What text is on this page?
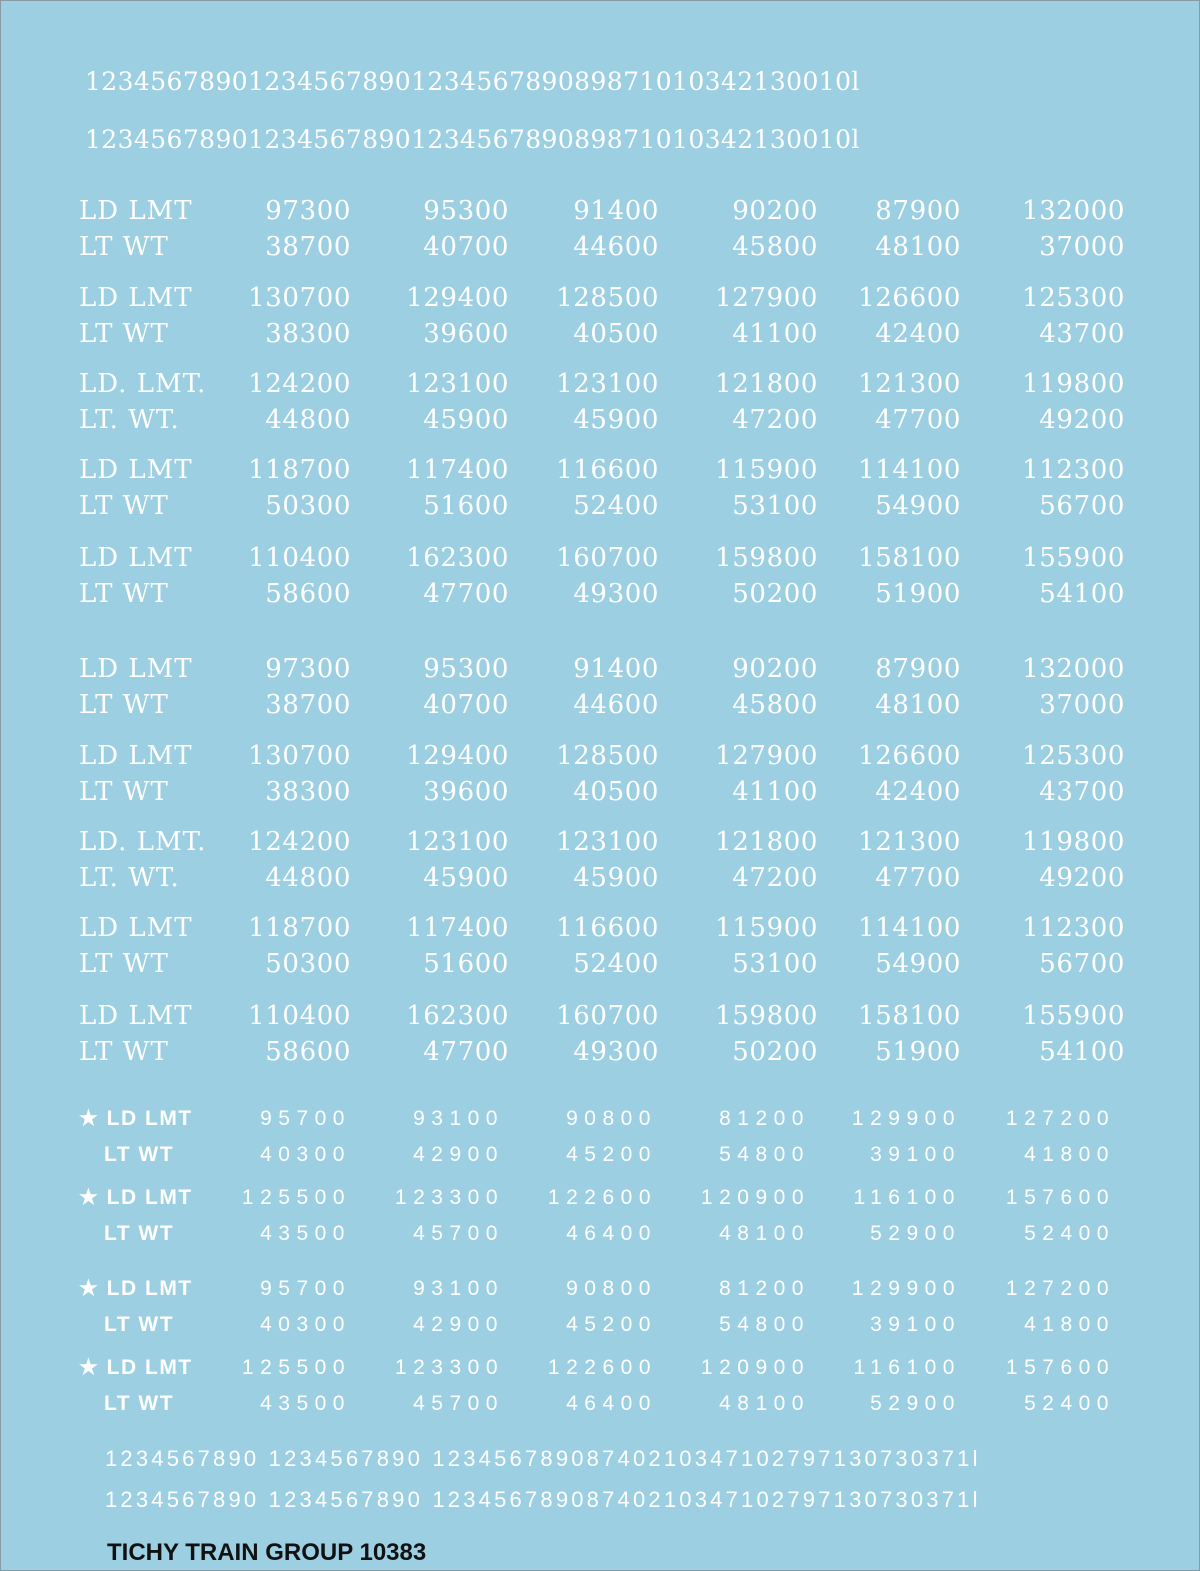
12345678901234567890123456789089871010342130010l
12345678901234567890123456789089871010342130010l
LD LMT	97300	95300	91400	90200	87900	132000
LT WT	38700	40700	44600	45800	48100	37000
LD LMT	130700	129400	128500	127900	126600	125300
LT WT	38300	39600	40500	41100	42400	43700
LD. LMT.	124200	123100	123100	121800	121300	119800
LT. WT.	44800	45900	45900	47200	47700	49200
LD LMT	118700	117400	116600	115900	114100	112300
LT WT	50300	51600	52400	53100	54900	56700
LD LMT	110400	162300	160700	159800	158100	155900
LT WT	58600	47700	49300	50200	51900	54100
LD LMT	97300	95300	91400	90200	87900	132000
LT WT	38700	40700	44600	45800	48100	37000
LD LMT	130700	129400	128500	127900	126600	125300
LT WT	38300	39600	40500	41100	42400	43700
LD. LMT.	124200	123100	123100	121800	121300	119800
LT. WT.	44800	45900	45900	47200	47700	49200
LD LMT	118700	117400	116600	115900	114100	112300
LT WT	50300	51600	52400	53100	54900	56700
LD LMT	110400	162300	160700	159800	158100	155900
LT WT	58600	47700	49300	50200	51900	54100
★ LD LMT	95700	93100	90800	81200	129900	127200
LT WT	40300	42900	45200	54800	39100	41800
★ LD LMT	125500	123300	122600	120900	116100	157600
LT WT	43500	45700	46400	48100	52900	52400
★ LD LMT	95700	93100	90800	81200	129900	127200
LT WT	40300	42900	45200	54800	39100	41800
★ LD LMT	125500	123300	122600	120900	116100	157600
LT WT	43500	45700	46400	48100	52900	52400
1234567890 1234567890 12345678908740210347102797130730371l
1234567890 1234567890 12345678908740210347102797130730371l
TICHY TRAIN GROUP 10383
